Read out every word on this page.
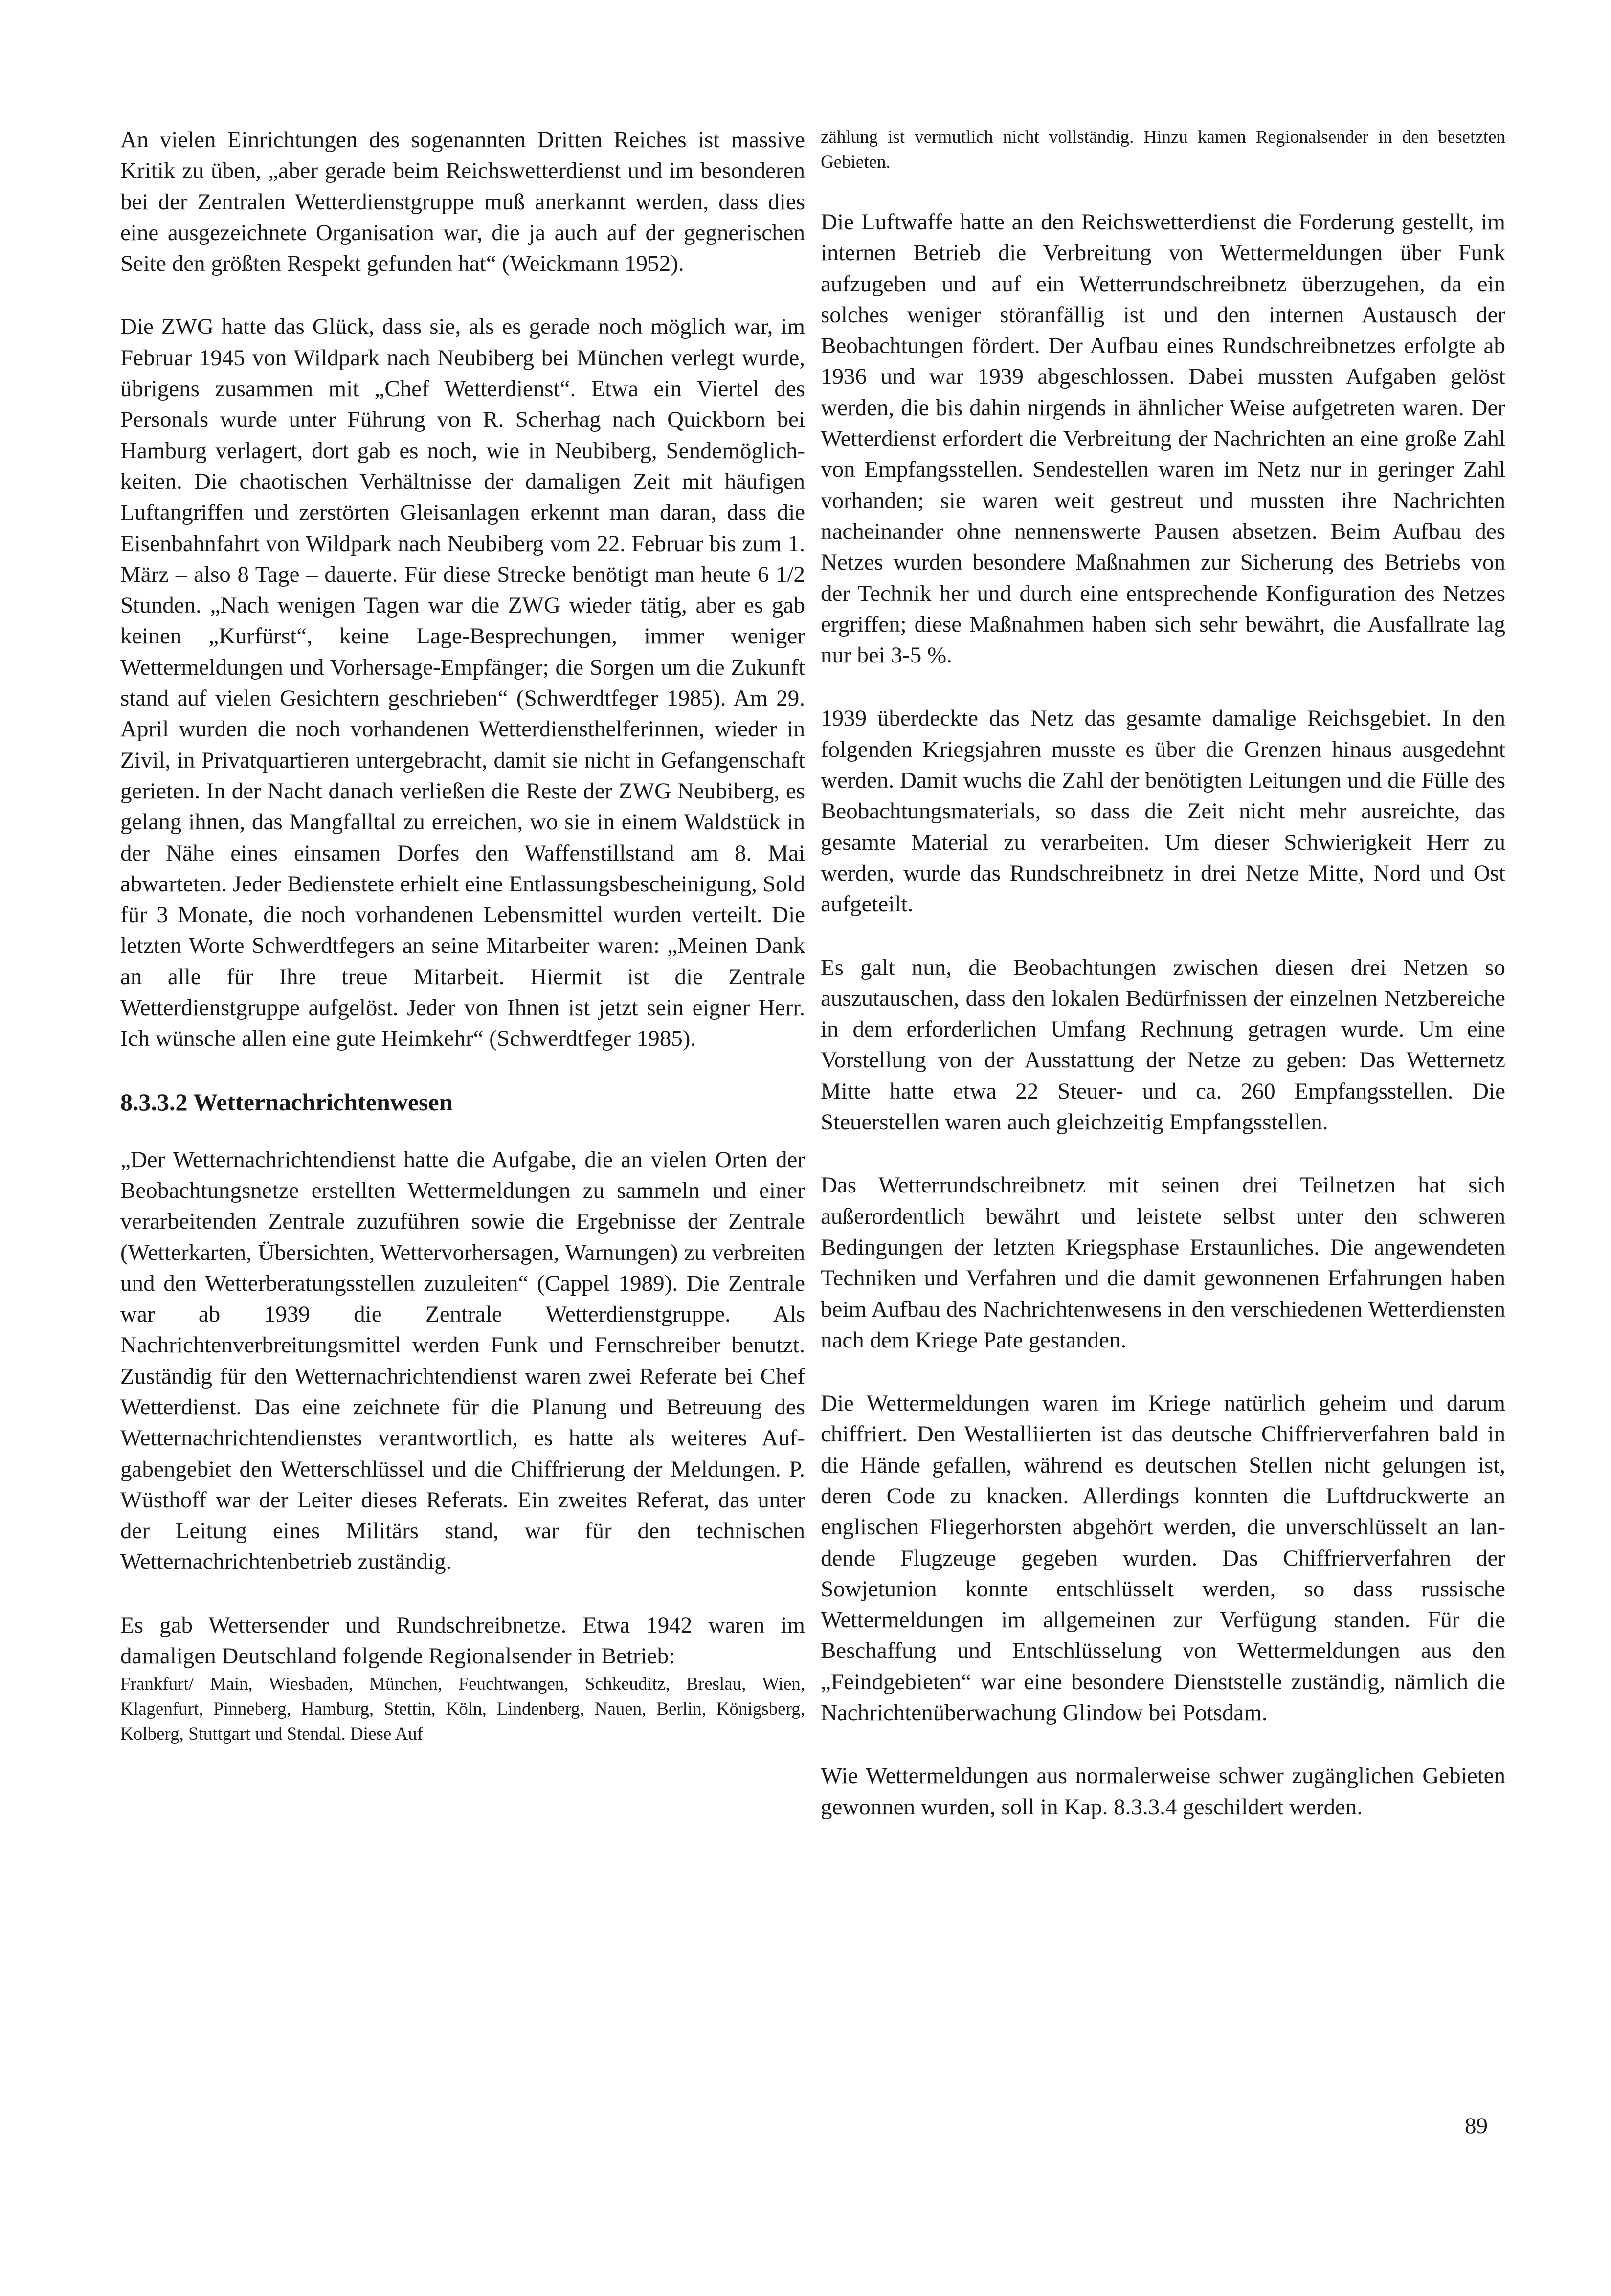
An vielen Einrichtungen des sogenannten Dritten Reiches ist massive Kritik zu üben, „aber gerade beim Reichswetterdienst und im besonderen bei der Zentralen Wetterdienstgruppe muß anerkannt werden, dass dies eine ausgezeichnete Organisation war, die ja auch auf der gegnerischen Seite den größten Respekt gefunden hat“ (Weickmann 1952).

Die ZWG hatte das Glück, dass sie, als es gerade noch möglich war, im Februar 1945 von Wildpark nach Neubiberg bei München verlegt wurde, übrigens zusammen mit „Chef Wetterdienst“. Etwa ein Viertel des Personals wurde unter Führung von R. Scherhag nach Quickborn bei Hamburg verlagert, dort gab es noch, wie in Neubiberg, Sendemöglichkeiten. Die chaotischen Verhältnisse der damaligen Zeit mit häufigen Luftangriffen und zerstörten Gleisanlagen erkennt man daran, dass die Eisenbahnfahrt von Wildpark nach Neubiberg vom 22. Februar bis zum 1. März – also 8 Tage – dauerte. Für diese Strecke benötigt man heute 6 1/2 Stunden. „Nach wenigen Tagen war die ZWG wieder tätig, aber es gab keinen „Kurfürst“, keine Lage-Besprechungen, immer weniger Wettermeldungen und Vorhersage-Empfänger; die Sorgen um die Zukunft stand auf vielen Gesichtern geschrieben“ (Schwerdtfeger 1985). Am 29. April wurden die noch vorhandenen Wetterdiensthelferinnen, wieder in Zivil, in Privatquartieren untergebracht, damit sie nicht in Gefangenschaft gerieten. In der Nacht danach verließen die Reste der ZWG Neubiberg, es gelang ihnen, das Mangfalltal zu erreichen, wo sie in einem Waldstück in der Nähe eines einsamen Dorfes den Waffenstillstand am 8. Mai abwarteten. Jeder Bedienstete erhielt eine Entlassungsbescheinigung, Sold für 3 Monate, die noch vorhandenen Lebensmittel wurden verteilt. Die letzten Worte Schwerdtfegers an seine Mitarbeiter waren: „Meinen Dank an alle für Ihre treue Mitarbeit. Hiermit ist die Zentrale Wetterdienstgruppe aufgelöst. Jeder von Ihnen ist jetzt sein eigner Herr. Ich wünsche allen eine gute Heimkehr“ (Schwerdtfeger 1985).

8.3.3.2 Wetternachrichtenwesen

„Der Wetternachrichtendienst hatte die Aufgabe, die an vielen Orten der Beobachtungsnetze erstellten Wettermeldungen zu sammeln und einer verarbeitenden Zentrale zuzuführen sowie die Ergebnisse der Zentrale (Wetterkarten, Übersichten, Wettervorhersagen, Warnungen) zu verbreiten und den Wetterberatungsstellen zuzuleiten“ (Cappel 1989). Die Zentrale war ab 1939 die Zentrale Wetterdienstgruppe. Als Nachrichtenverbreitungsmittel werden Funk und Fernschreiber benutzt. Zuständig für den Wetternachrichtendienst waren zwei Referate bei Chef Wetterdienst. Das eine zeichnete für die Planung und Betreuung des Wetternachrichtendienstes verantwortlich, es hatte als weiteres Aufgabengebiet den Wetterschlüssel und die Chiffrierung der Meldungen. P. Wüsthoff war der Leiter dieses Referats. Ein zweites Referat, das unter der Leitung eines Militärs stand, war für den technischen Wetternachrichtenbetrieb zuständig.

Es gab Wettersender und Rundschreibnetze. Etwa 1942 waren im damaligen Deutschland folgende Regionalsender in Betrieb:

Frankfurt/ Main, Wiesbaden, München, Feuchtwangen, Schkeuditz, Breslau, Wien, Klagenfurt, Pinneberg, Hamburg, Stettin, Köln, Lindenberg, Nauen, Berlin, Königsberg, Kolberg, Stuttgart und Stendal. Diese Auf

zählung ist vermutlich nicht vollständig. Hinzu kamen Regionalsender in den besetzten Gebieten.

Die Luftwaffe hatte an den Reichswetterdienst die Forderung gestellt, im internen Betrieb die Verbreitung von Wettermeldungen über Funk aufzugeben und auf ein Wetterrundschreibnetz überzugehen, da ein solches weniger störanfällig ist und den internen Austausch der Beobachtungen fördert. Der Aufbau eines Rundschreibnetzes erfolgte ab 1936 und war 1939 abgeschlossen. Dabei mussten Aufgaben gelöst werden, die bis dahin nirgends in ähnlicher Weise aufgetreten waren. Der Wetterdienst erfordert die Verbreitung der Nachrichten an eine große Zahl von Empfangsstellen. Sendestellen waren im Netz nur in geringer Zahl vorhanden; sie waren weit gestreut und mussten ihre Nachrichten nacheinander ohne nennenswerte Pausen absetzen. Beim Aufbau des Netzes wurden besondere Maßnahmen zur Sicherung des Betriebs von der Technik her und durch eine entsprechende Konfiguration des Netzes ergriffen; diese Maßnahmen haben sich sehr bewährt, die Ausfallrate lag nur bei 3-5 %.

1939 überdeckte das Netz das gesamte damalige Reichsgebiet. In den folgenden Kriegsjahren musste es über die Grenzen hinaus ausgedehnt werden. Damit wuchs die Zahl der benötigten Leitungen und die Fülle des Beobachtungsmaterials, so dass die Zeit nicht mehr ausreichte, das gesamte Material zu verarbeiten. Um dieser Schwierigkeit Herr zu werden, wurde das Rundschreibnetz in drei Netze Mitte, Nord und Ost aufgeteilt.

Es galt nun, die Beobachtungen zwischen diesen drei Netzen so auszutauschen, dass den lokalen Bedürfnissen der einzelnen Netzbereiche in dem erforderlichen Umfang Rechnung getragen wurde. Um eine Vorstellung von der Ausstattung der Netze zu geben: Das Wetternetz Mitte hatte etwa 22 Steuer- und ca. 260 Empfangsstellen. Die Steuerstellen waren auch gleichzeitig Empfangsstellen.

Das Wetterrundschreibnetz mit seinen drei Teilnetzen hat sich außerordentlich bewährt und leistete selbst unter den schweren Bedingungen der letzten Kriegsphase Erstaunliches. Die angewendeten Techniken und Verfahren und die damit gewonnenen Erfahrungen haben beim Aufbau des Nachrichtenwesens in den verschiedenen Wetterdiensten nach dem Kriege Pate gestanden.

Die Wettermeldungen waren im Kriege natürlich geheim und darum chiffriert. Den Westalliierten ist das deutsche Chiffrierverfahren bald in die Hände gefallen, während es deutschen Stellen nicht gelungen ist, deren Code zu knacken. Allerdings konnten die Luftdruckwerte an englischen Fliegerhorsten abgehört werden, die unverschlüsselt an landende Flugzeuge gegeben wurden. Das Chiffrierverfahren der Sowjetunion konnte entschlüsselt werden, so dass russische Wettermeldungen im allgemeinen zur Verfügung standen. Für die Beschaffung und Entschlüsselung von Wettermeldungen aus den „Feindgebieten“ war eine besondere Dienststelle zuständig, nämlich die Nachrichtenüberwachung Glindow bei Potsdam.

Wie Wettermeldungen aus normalerweise schwer zugänglichen Gebieten gewonnen wurden, soll in Kap. 8.3.3.4 geschildert werden.

89
